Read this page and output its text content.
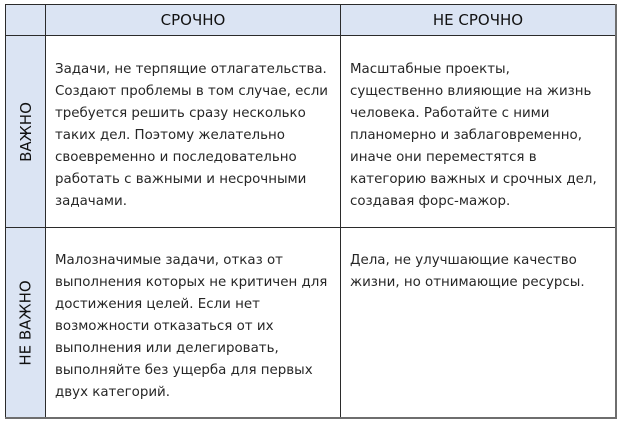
СРОЧНО	НЕ СРОЧНО
ВАЖНО
НЕ ВАЖНО

Задачи, не терпящие отлагательства. Создают проблемы в том случае, если требуется решить сразу несколько таких дел. Поэтому желательно своевременно и последовательно работать с важными и несрочными задачами.

Масштабные проекты, существенно влияющие на жизнь человека. Работайте с ними планомерно и заблаговременно, иначе они переместятся в категорию важных и срочных дел, создавая форс-мажор.

Малозначимые задачи, отказ от выполнения которых не критичен для достижения целей. Если нет возможности отказаться от их выполнения или делегировать, выполняйте без ущерба для первых двух категорий.

Дела, не улучшающие качество жизни, но отнимающие ресурсы.
